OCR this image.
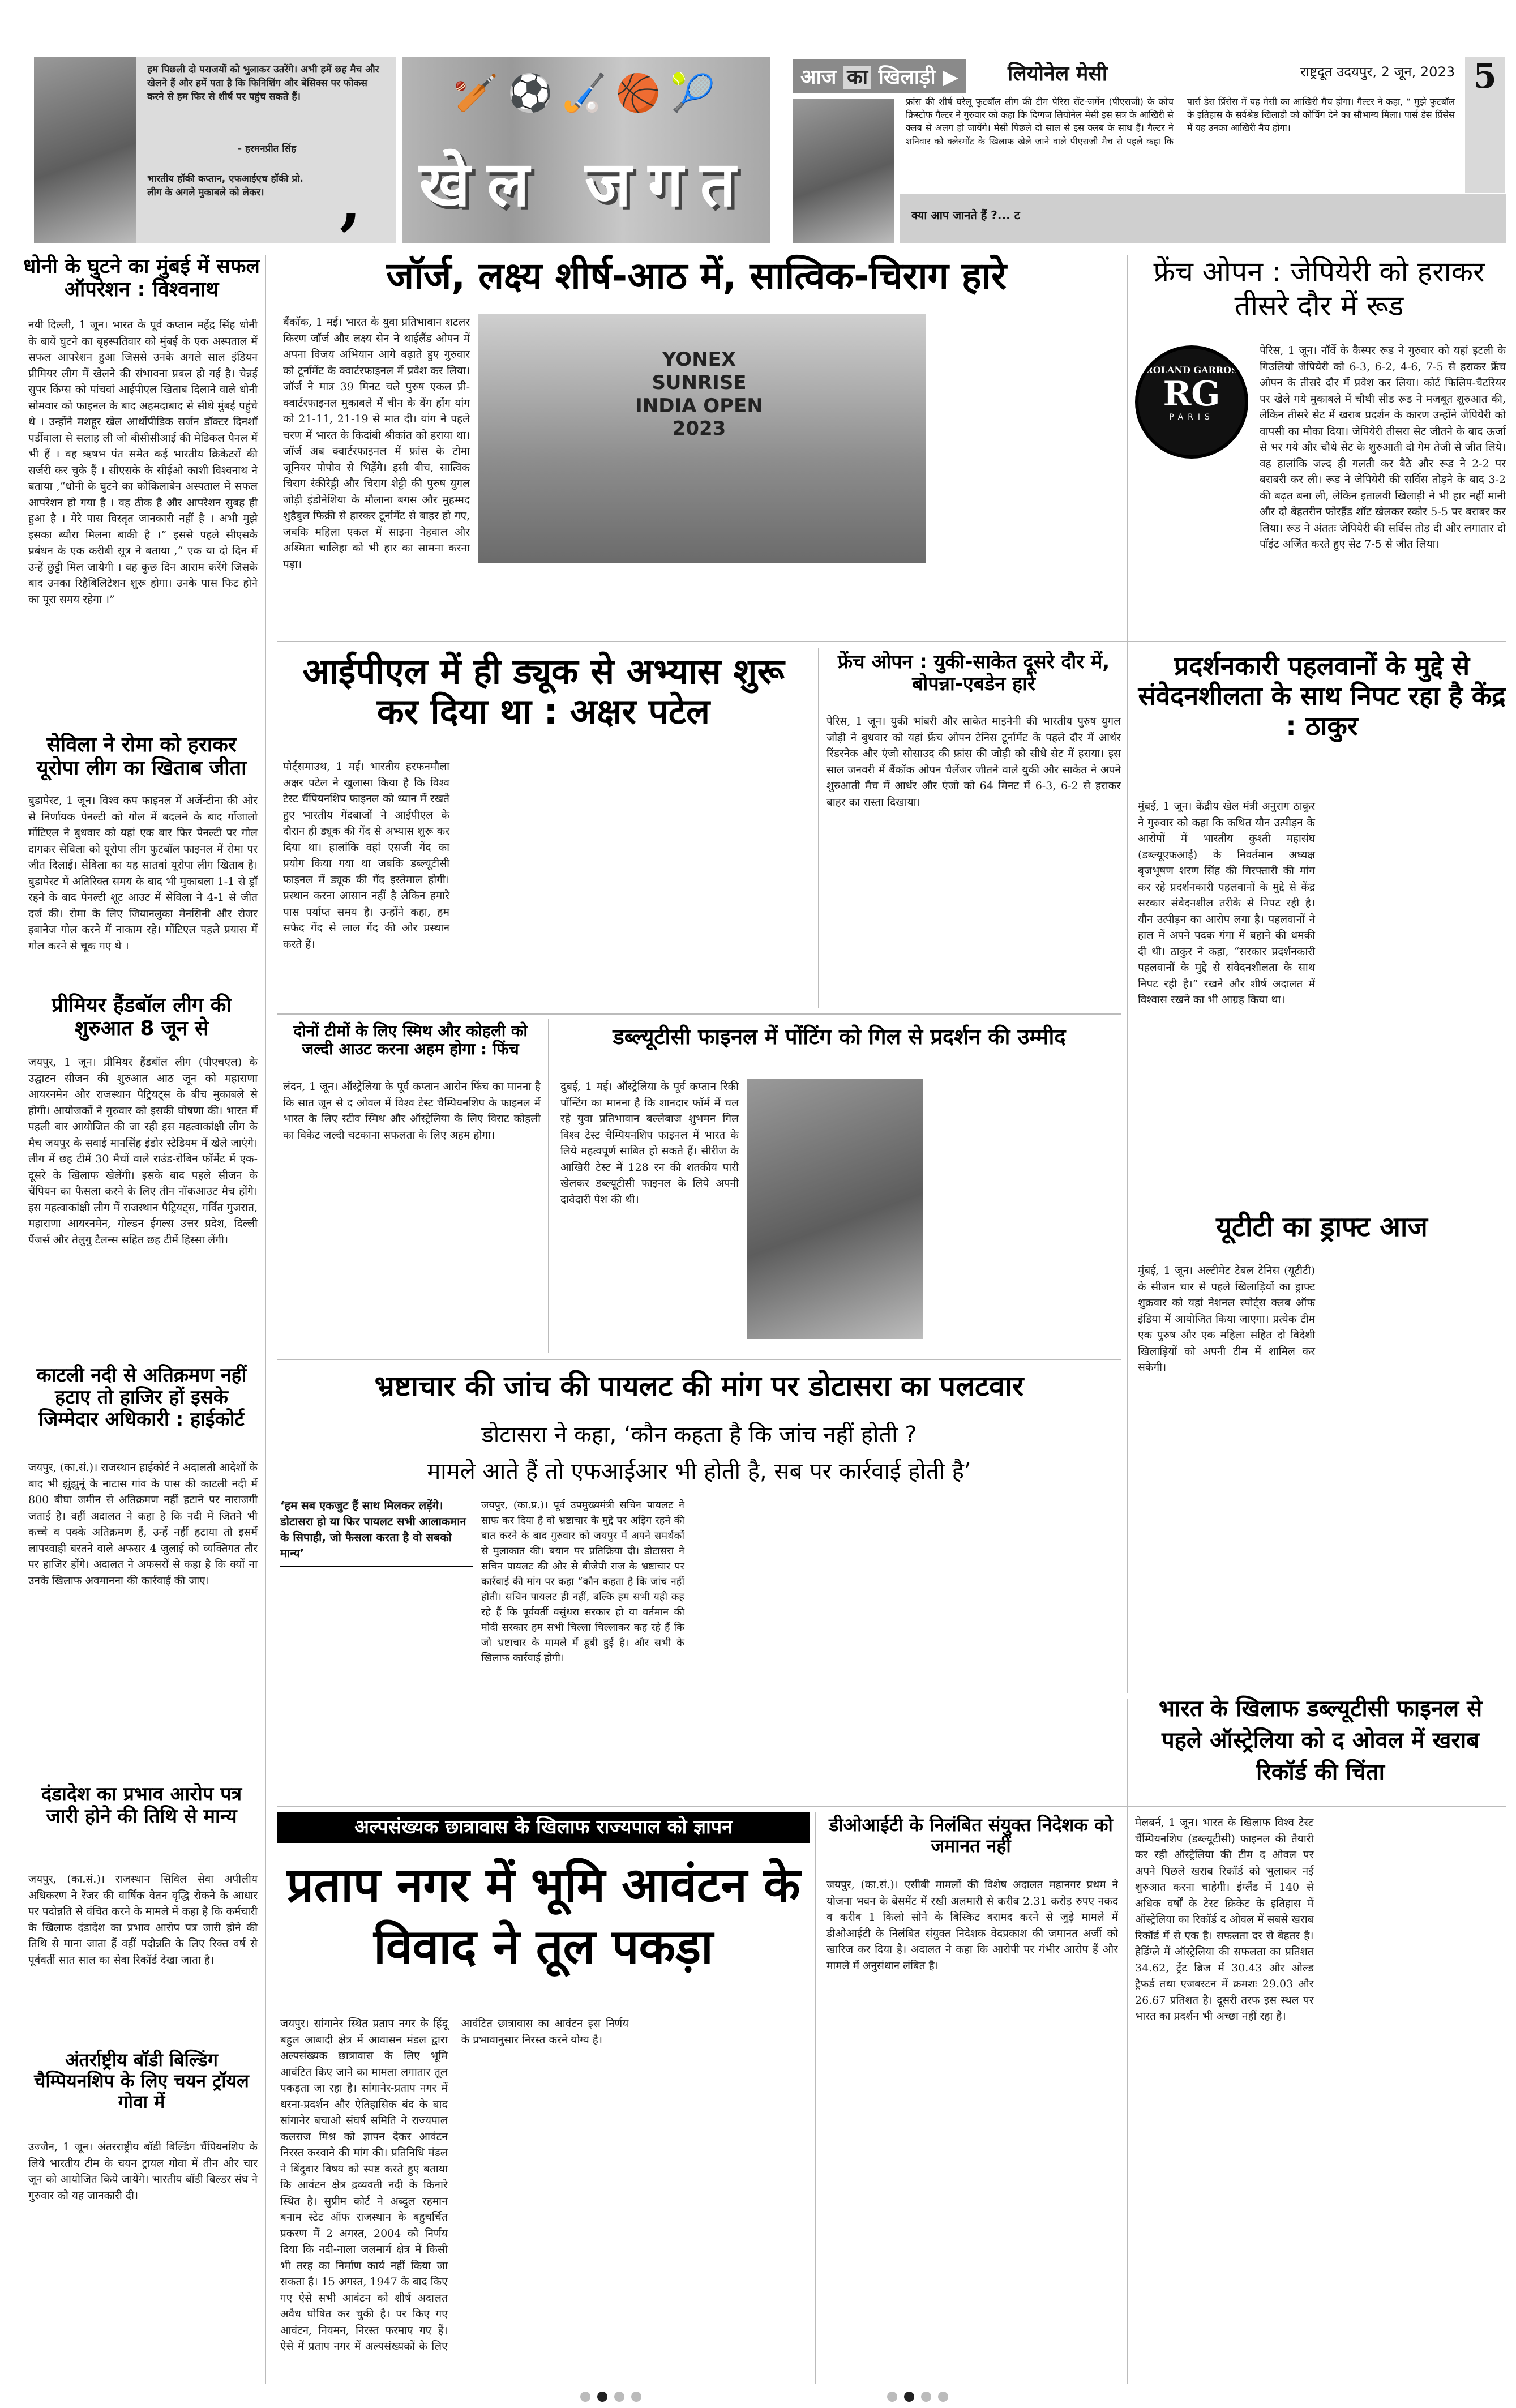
हम पिछली दो पराजयों को भुलाकर उतरेंगे। अभी हमें छह मैच और खेलने हैं और हमें पता है कि फिनिशिंग और बेसिक्स पर फोकस करने से हम फिर से शीर्ष पर पहुंच सकते हैं।
- हरमनप्रीत सिंह
भारतीय हॉकी कप्तान, एफआईएच हॉकी प्रो. लीग के अगले मुकाबले को लेकर।	,
🏏⚽🏑🏀🎾
खेल जगत
आज का खिलाड़ी ▶	लियोनेल मेसी	राष्ट्रदूत उदयपुर, 2 जून, 2023 5
फ्रांस की शीर्ष घरेलू फुटबॉल लीग की टीम पेरिस सेंट-जर्मेन (पीएसजी) के कोच क्रिस्टोफ गैल्टर ने गुरुवार को कहा कि दिग्गज लियोनेल मेसी इस सत्र के आखिरी से क्लब से अलग हो जायेंगे। मेसी पिछले दो साल से इस क्लब के साथ हैं। गैल्टर ने शनिवार को क्लेरमोंट के खिलाफ खेले जाने वाले पीएसजी मैच से पहले कहा कि पार्स डेस प्रिंसेस में यह मेसी का आखिरी मैच होगा। गैल्टर ने कहा, “ मुझे फुटबॉल के इतिहास के सर्वश्रेष्ठ खिलाडी को कोचिंग देने का सौभाग्य मिला। पार्स डेस प्रिंसेस में यह उनका आखिरी मैच होगा।
क्या आप जानते हैं ?... ट
धोनी के घुटने का मुंबई में सफल ऑपरेशन : विश्वनाथ
नयी दिल्ली, 1 जून। भारत के पूर्व कप्तान महेंद्र सिंह धोनी के बायें घुटने का बृहस्पतिवार को मुंबई के एक अस्पताल में सफल आपरेशन हुआ जिससे उनके अगले साल इंडियन प्रीमियर लीग में खेलने की संभावना प्रबल हो गई है। चेन्नई सुपर किंग्स को पांचवां आईपीएल खिताब दिलाने वाले धोनी सोमवार को फाइनल के बाद अहमदाबाद से सीधे मुंबई पहुंचे थे । उन्होंने मशहूर खेल आर्थोपीडिक सर्जन डॉक्टर दिनशॉ पर्डीवाला से सलाह ली जो बीसीसीआई की मेडिकल पैनल में भी हैं । वह ऋषभ पंत समेत कई भारतीय क्रिकेटरों की सर्जरी कर चुके हैं । सीएसके के सीईओ काशी विश्वनाथ ने बताया ,“धोनी के घुटने का कोकिलाबेन अस्पताल में सफल आपरेशन हो गया है । वह ठीक है और आपरेशन सुबह ही हुआ है । मेरे पास विस्तृत जानकारी नहीं है । अभी मुझे इसका ब्यौरा मिलना बाकी है ।” इससे पहले सीएसके प्रबंधन के एक करीबी सूत्र ने बताया ,“ एक या दो दिन में उन्हें छुट्टी मिल जायेगी । वह कुछ दिन आराम करेंगे जिसके बाद उनका रिहैबिलिटेशन शुरू होगा। उनके पास फिट होने का पूरा समय रहेगा ।”
सेविला ने रोमा को हराकर यूरोपा लीग का खिताब जीता
बुडापेस्ट, 1 जून। विश्व कप फाइनल में अर्जेन्टीना की ओर से निर्णायक पेनल्टी को गोल में बदलने के बाद गोंजालो मोंटिएल ने बुधवार को यहां एक बार फिर पेनल्टी पर गोल दागकर सेविला को यूरोपा लीग फुटबॉल फाइनल में रोमा पर जीत दिलाई। सेविला का यह सातवां यूरोपा लीग खिताब है। बुडापेस्ट में अतिरिक्त समय के बाद भी मुकाबला 1-1 से ड्रॉ रहने के बाद पेनल्टी शूट आउट में सेविला ने 4-1 से जीत दर्ज की। रोमा के लिए जियानलुका मेनसिनी और रोजर इबानेज गोल करने में नाकाम रहे। मोंटिएल पहले प्रयास में गोल करने से चूक गए थे ।
प्रीमियर हैंडबॉल लीग की शुरुआत 8 जून से
जयपुर, 1 जून। प्रीमियर हैंडबॉल लीग (पीएचएल) के उद्घाटन सीजन की शुरुआत आठ जून को महाराणा आयरनमेन और राजस्थान पैट्रियट्स के बीच मुकाबले से होगी। आयोजकों ने गुरुवार को इसकी घोषणा की। भारत में पहली बार आयोजित की जा रही इस महत्वाकांक्षी लीग के मैच जयपुर के सवाई मानसिंह इंडोर स्टेडियम में खेले जाएंगे। लीग में छह टीमें 30 मैचों वाले राउंड-रोबिन फॉर्मेट में एक-दूसरे के खिलाफ खेलेंगी। इसके बाद पहले सीजन के चैंपियन का फैसला करने के लिए तीन नॉकआउट मैच होंगे। इस महत्वाकांक्षी लीग में राजस्थान पैट्रियट्स, गर्वित गुजरात, महाराणा आयरनमेन, गोल्डन ईगल्स उत्तर प्रदेश, दिल्ली पैंजर्स और तेलुगु टैलन्स सहित छह टीमें हिस्सा लेंगी।
काटली नदी से अतिक्रमण नहीं हटाए तो हाजिर हों इसके जिम्मेदार अधिकारी : हाईकोर्ट
जयपुर, (का.सं.)। राजस्थान हाईकोर्ट ने अदालती आदेशों के बाद भी झुंझुनूं के नाटास गांव के पास की काटली नदी में 800 बीघा जमीन से अतिक्रमण नहीं हटाने पर नाराजगी जताई है। वहीं अदालत ने कहा है कि नदी में जितने भी कच्चे व पक्के अतिक्रमण हैं, उन्हें नहीं हटाया तो इसमें लापरवाही बरतने वाले अफसर 4 जुलाई को व्यक्तिगत तौर पर हाजिर होंगे। अदालत ने अफसरों से कहा है कि क्यों ना उनके खिलाफ अवमानना की कार्रवाई की जाए।
दंडादेश का प्रभाव आरोप पत्र जारी होने की तिथि से मान्य
जयपुर, (का.सं.)। राजस्थान सिविल सेवा अपीलीय अधिकरण ने रेंजर की वार्षिक वेतन वृद्धि रोकने के आधार पर पदोन्नति से वंचित करने के मामले में कहा है कि कर्मचारी के खिलाफ दंडादेश का प्रभाव आरोप पत्र जारी होने की तिथि से माना जाता हैं वहीं पदोन्नति के लिए रिक्त वर्ष से पूर्ववर्ती सात साल का सेवा रिकॉर्ड देखा जाता है।
अंतर्राष्ट्रीय बॉडी बिल्डिंग चैम्पियनशिप के लिए चयन ट्रॉयल गोवा में
उज्जैन, 1 जून। अंतरराष्ट्रीय बॉडी बिल्डिंग चैंपियनशिप के लिये भारतीय टीम के चयन ट्रायल गोवा में तीन और चार जून को आयोजित किये जायेंगे। भारतीय बॉडी बिल्डर संघ ने गुरुवार को यह जानकारी दी।
जॉर्ज, लक्ष्य शीर्ष-आठ में, सात्विक-चिराग हारे
बैंकॉक, 1 मई। भारत के युवा प्रतिभावान शटलर किरण जॉर्ज और लक्ष्य सेन ने थाईलैंड ओपन में अपना विजय अभियान आगे बढ़ाते हुए गुरुवार को टूर्नामेंट के क्वार्टरफाइनल में प्रवेश कर लिया। जॉर्ज ने मात्र 39 मिनट चले पुरुष एकल प्री-क्वार्टरफाइनल मुकाबले में चीन के वेंग होंग यांग को 21-11, 21-19 से मात दी। यांग ने पहले चरण में भारत के किदांबी श्रीकांत को हराया था। जॉर्ज अब क्वार्टरफाइनल में फ्रांस के टोमा जूनियर पोपोव से भिड़ेंगे। इसी बीच, सात्विक चिराग रंकीरेड्डी और चिराग शेट्टी की पुरुष युगल जोड़ी इंडोनेशिया के मौलाना बगस और मुहम्मद शुहैबुल फिक्री से हारकर टूर्नामेंट से बाहर हो गए, जबकि महिला एकल में साइना नेहवाल और अश्मिता चालिहा को भी हार का सामना करना पड़ा।
YONEX SUNRISE INDIA OPEN 2023
फ्रेंच ओपन : जेपियेरी को हराकर तीसरे दौर में रूड
ROLAND GARROS
RG
PARIS
पेरिस, 1 जून। नॉर्वे के कैस्पर रूड ने गुरुवार को यहां इटली के गिउलियो जेपियेरी को 6-3, 6-2, 4-6, 7-5 से हराकर फ्रेंच ओपन के तीसरे दौर में प्रवेश कर लिया। कोर्ट फिलिप-चैटरियर पर खेले गये मुकाबले में चौथी सीड रूड ने मजबूत शुरुआत की, लेकिन तीसरे सेट में खराब प्रदर्शन के कारण उन्होंने जेपियेरी को वापसी का मौका दिया। जेपियेरी तीसरा सेट जीतने के बाद ऊर्जा से भर गये और चौथे सेट के शुरुआती दो गेम तेजी से जीत लिये। वह हालांकि जल्द ही गलती कर बैठे और रूड ने 2-2 पर बराबरी कर ली। रूड ने जेपियेरी की सर्विस तोड़ने के बाद 3-2 की बढ़त बना ली, लेकिन इतालवी खिलाड़ी ने भी हार नहीं मानी और दो बेहतरीन फोरहैंड शॉट खेलकर स्कोर 5-5 पर बराबर कर लिया। रूड ने अंततः जेपियेरी की सर्विस तोड़ दी और लगातार दो पॉइंट अर्जित करते हुए सेट 7-5 से जीत लिया।
आईपीएल में ही ड्यूक से अभ्यास शुरू कर दिया था : अक्षर पटेल
पोर्ट्समाउथ, 1 मई। भारतीय हरफनमौला अक्षर पटेल ने खुलासा किया है कि विश्व टेस्ट चैंपियनशिप फाइनल को ध्यान में रखते हुए भारतीय गेंदबाजों ने आईपीएल के दौरान ही ड्यूक की गेंद से अभ्यास शुरू कर दिया था। हालांकि वहां एसजी गेंद का प्रयोग किया गया था जबकि डब्ल्यूटीसी फाइनल में ड्यूक की गेंद इस्तेमाल होगी। प्रस्थान करना आसान नहीं है लेकिन हमारे पास पर्याप्त समय है। उन्होंने कहा, हम सफेद गेंद से लाल गेंद की ओर प्रस्थान करते हैं।
फ्रेंच ओपन : युकी-साकेत दूसरे दौर में, बोपन्ना-एबडेन हारे
पेरिस, 1 जून। युकी भांबरी और साकेत माइनेनी की भारतीय पुरुष युगल जोड़ी ने बुधवार को यहां फ्रेंच ओपन टेनिस टूर्नामेंट के पहले दौर में आर्थर रिंडरनेक और एंजो सोसाउद की फ्रांस की जोड़ी को सीधे सेट में हराया। इस साल जनवरी में बैंकॉक ओपन चैलेंजर जीतने वाले युकी और साकेत ने अपने शुरुआती मैच में आर्थर और एंजो को 64 मिनट में 6-3, 6-2 से हराकर बाहर का रास्ता दिखाया।
प्रदर्शनकारी पहलवानों के मुद्दे से संवेदनशीलता के साथ निपट रहा है केंद्र : ठाकुर
मुंबई, 1 जून। केंद्रीय खेल मंत्री अनुराग ठाकुर ने गुरुवार को कहा कि कथित यौन उत्पीड़न के आरोपों में भारतीय कुश्ती महासंघ (डब्ल्यूएफआई) के निवर्तमान अध्यक्ष बृजभूषण शरण सिंह की गिरफ्तारी की मांग कर रहे प्रदर्शनकारी पहलवानों के मुद्दे से केंद्र सरकार संवेदनशील तरीके से निपट रही है। यौन उत्पीड़न का आरोप लगा है। पहलवानों ने हाल में अपने पदक गंगा में बहाने की धमकी दी थी। ठाकुर ने कहा, “सरकार प्रदर्शनकारी पहलवानों के मुद्दे से संवेदनशीलता के साथ निपट रही है।” रखने और शीर्ष अदालत में विश्वास रखने का भी आग्रह किया था।
दोनों टीमों के लिए स्मिथ और कोहली को जल्दी आउट करना अहम होगा : फिंच
लंदन, 1 जून। ऑस्ट्रेलिया के पूर्व कप्तान आरोन फिंच का मानना है कि सात जून से द ओवल में विश्व टेस्ट चैम्पियनशिप के फाइनल में भारत के लिए स्टीव स्मिथ और ऑस्ट्रेलिया के लिए विराट कोहली का विकेट जल्दी चटकाना सफलता के लिए अहम होगा।
डब्ल्यूटीसी फाइनल में पोंटिंग को गिल से प्रदर्शन की उम्मीद
दुबई, 1 मई। ऑस्ट्रेलिया के पूर्व कप्तान रिकी पॉन्टिंग का मानना है कि शानदार फॉर्म में चल रहे युवा प्रतिभावान बल्लेबाज शुभमन गिल विश्व टेस्ट चैम्पियनशिप फाइनल में भारत के लिये महत्वपूर्ण साबित हो सकते हैं। सीरीज के आखिरी टेस्ट में 128 रन की शतकीय पारी खेलकर डब्ल्यूटीसी फाइनल के लिये अपनी दावेदारी पेश की थी।
यूटीटी का ड्राफ्ट आज
मुंबई, 1 जून। अल्टीमेट टेबल टेनिस (यूटीटी) के सीजन चार से पहले खिलाड़ियों का ड्राफ्ट शुक्रवार को यहां नेशनल स्पोर्ट्स क्लब ऑफ इंडिया में आयोजित किया जाएगा। प्रत्येक टीम एक पुरुष और एक महिला सहित दो विदेशी खिलाड़ियों को अपनी टीम में शामिल कर सकेगी।
भ्रष्टाचार की जांच की पायलट की मांग पर डोटासरा का पलटवार
डोटासरा ने कहा, ‘कौन कहता है कि जांच नहीं होती ?
मामले आते हैं तो एफआईआर भी होती है, सब पर कार्रवाई होती है’
‘हम सब एकजुट हैं साथ मिलकर लड़ेंगे। डोटासरा हो या फिर पायलट सभी आलाकमान के सिपाही, जो फैसला करता है वो सबको मान्य’
जयपुर, (का.प्र.)। पूर्व उपमुख्यमंत्री सचिन पायलट ने साफ कर दिया है वो भ्रष्टाचार के मुद्दे पर अड़िग रहने की बात करने के बाद गुरुवार को जयपुर में अपने समर्थकों से मुलाकात की। बयान पर प्रतिक्रिया दी। डोटासरा ने सचिन पायलट की ओर से बीजेपी राज के भ्रष्टाचार पर कार्रवाई की मांग पर कहा “कौन कहता है कि जांच नहीं होती। सचिन पायलट ही नहीं, बल्कि हम सभी यही कह रहे हैं कि पूर्ववर्ती वसुंधरा सरकार हो या वर्तमान की मोदी सरकार हम सभी चिल्ला चिल्लाकर कह रहे हैं कि जो भ्रष्टाचार के मामले में डूबी हुई है। और सभी के खिलाफ कार्रवाई होगी।
अल्पसंख्यक छात्रावास के खिलाफ राज्यपाल को ज्ञापन
प्रताप नगर में भूमि आवंटन के विवाद ने तूल पकड़ा
जयपुर। सांगानेर स्थित प्रताप नगर के हिंदू बहुल आबादी क्षेत्र में आवासन मंडल द्वारा अल्पसंख्यक छात्रावास के लिए भूमि आवंटित किए जाने का मामला लगातार तूल पकड़ता जा रहा है। सांगानेर-प्रताप नगर में धरना-प्रदर्शन और ऐतिहासिक बंद के बाद सांगानेर बचाओ संघर्ष समिति ने राज्यपाल कलराज मिश्र को ज्ञापन देकर आवंटन निरस्त करवाने की मांग की। प्रतिनिधि मंडल ने बिंदुवार विषय को स्पष्ट करते हुए बताया कि आवंटन क्षेत्र द्रव्यवती नदी के किनारे स्थित है। सुप्रीम कोर्ट ने अब्दुल रहमान बनाम स्टेट ऑफ राजस्थान के बहुचर्चित प्रकरण में 2 अगस्त, 2004 को निर्णय दिया कि नदी-नाला जलमार्ग क्षेत्र में किसी भी तरह का निर्माण कार्य नहीं किया जा सकता है। 15 अगस्त, 1947 के बाद किए गए ऐसे सभी आवंटन को शीर्ष अदालत अवैध घोषित कर चुकी है। पर किए गए आवंटन, नियमन, निरस्त फरमाए गए हैं। ऐसे में प्रताप नगर में अल्पसंख्यकों के लिए आवंटित छात्रावास का आवंटन इस निर्णय के प्रभावानुसार निरस्त करने योग्य है।
डीओआईटी के निलंबित संयुक्त निदेशक को जमानत नहीं
जयपुर, (का.सं.)। एसीबी मामलों की विशेष अदालत महानगर प्रथम ने योजना भवन के बेसमेंट में रखी अलमारी से करीब 2.31 करोड़ रुपए नकद व करीब 1 किलो सोने के बिस्किट बरामद करने से जुड़े मामले में डीओआईटी के निलंबित संयुक्त निदेशक वेदप्रकाश की जमानत अर्जी को खारिज कर दिया है। अदालत ने कहा कि आरोपी पर गंभीर आरोप हैं और मामले में अनुसंधान लंबित है।
भारत के खिलाफ डब्ल्यूटीसी फाइनल से पहले ऑस्ट्रेलिया को द ओवल में खराब रिकॉर्ड की चिंता
मेलबर्न, 1 जून। भारत के खिलाफ विश्व टेस्ट चैंम्पियनशिप (डब्ल्यूटीसी) फाइनल की तैयारी कर रही ऑस्ट्रेलिया की टीम द ओवल पर अपने पिछले खराब रिकॉर्ड को भुलाकर नई शुरुआत करना चाहेगी। इंग्लैंड में 140 से अधिक वर्षों के टेस्ट क्रिकेट के इतिहास में ऑस्ट्रेलिया का रिकॉर्ड द ओवल में सबसे खराब रिकॉर्ड में से एक है। सफलता दर से बेहतर है। हेडिंग्ले में ऑस्ट्रेलिया की सफलता का प्रतिशत 34.62, ट्रेंट ब्रिज में 30.43 और ओल्ड ट्रैफर्ड तथा एजबस्टन में क्रमशः 29.03 और 26.67 प्रतिशत है। दूसरी तरफ इस स्थल पर भारत का प्रदर्शन भी अच्छा नहीं रहा है।
